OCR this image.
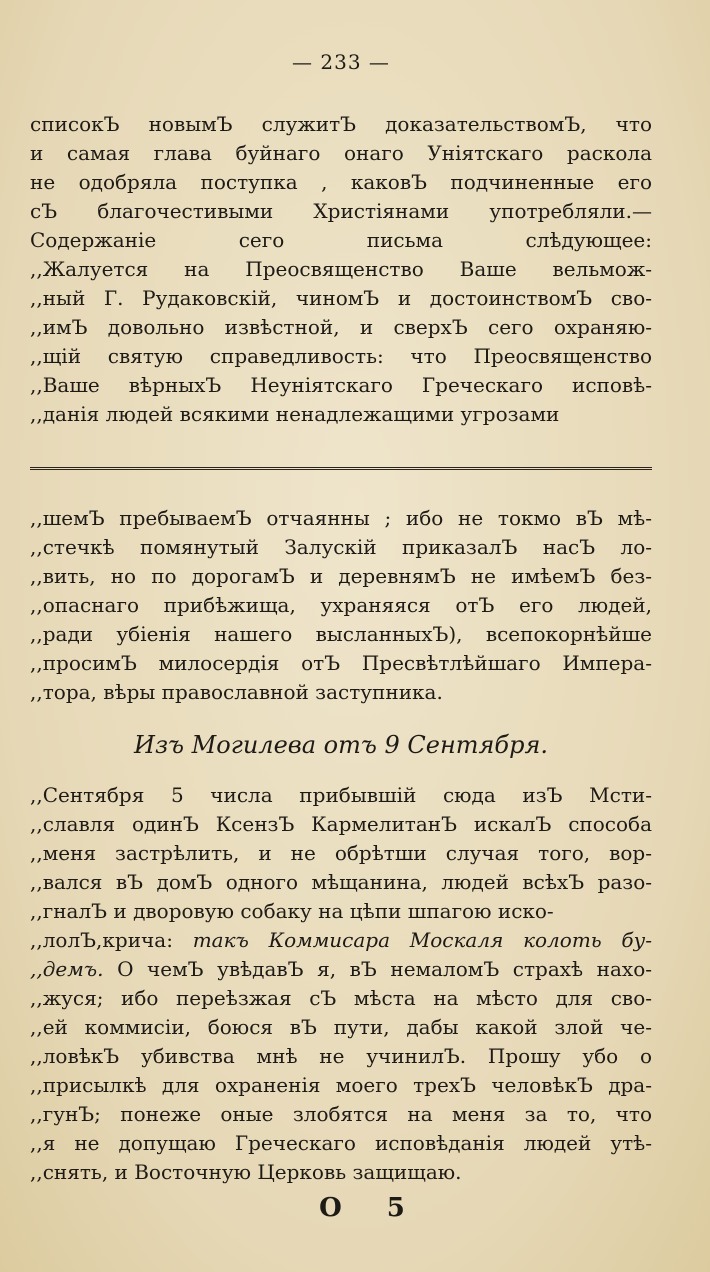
— 233 —
списокЪ новымЪ служитЪ доказательствомЪ, что
и самая глава буйнаго онаго Уніятскаго раскола
не одобряла поступка , каковЪ подчиненные его
сЪ благочестивыми Христіянами употребляли.—
Содержаніе сего письма слѣдующее:
,,Жалуется на Преосвященство Ваше вельмож-
,,ный Г. Рудаковскій, чиномЪ и достоинствомЪ сво-
,,имЪ довольно извѣстной, и сверхЪ сего охраняю-
,,щій святую справедливость: что Преосвященство
,,Ваше вѣрныхЪ Неуніятскаго Греческаго исповѣ-
,,данія людей всякими ненадлежащими угрозами
,,шемЪ пребываемЪ отчаянны ; ибо не токмо вЪ мѣ-
,,стечкѣ помянутый Залускій приказалЪ насЪ ло-
,,вить, но по дорогамЪ и деревнямЪ не имѣемЪ без-
,,опаснаго прибѣжища, ухраняяся отЪ его людей,
,,ради убіенія нашего высланныхЪ), всепокорнѣйше
,,просимЪ милосердія отЪ Пресвѣтлѣйшаго Импера-
,,тора, вѣры православной заступника.
Изъ Могилева отъ 9 Сентября.
,,Сентября 5 числа прибывшій сюда изЪ Мсти-
,,славля одинЪ КсензЪ КармелитанЪ искалЪ способа
,,меня застрѣлить, и не обрѣтши случая того, вор-
,,вался вЪ домЪ одного мѣщанина, людей всѣхЪ разо-
,,гналЪ и дворовую собаку на цѣпи шпагою иско-
,,лолЪ,крича: такъ Коммисара Москаля колоть бу-
,,демъ. О чемЪ увѣдавЪ я, вЪ немаломЪ страхѣ нахо-
,,жуся; ибо переѣзжая сЪ мѣста на мѣсто для сво-
,,ей коммисіи, боюся вЪ пути, дабы какой злой че-
,,ловѣкЪ убивства мнѣ не учинилЪ. Прошу убо о
,,присылкѣ для охраненія моего трехЪ человѣкЪ дра-
,,гунЪ; понеже оные злобятся на меня за то, что
,,я не допущаю Греческаго исповѣданія людей утѣ-
,,снять, и Восточную Церковь защищаю.
О 5
